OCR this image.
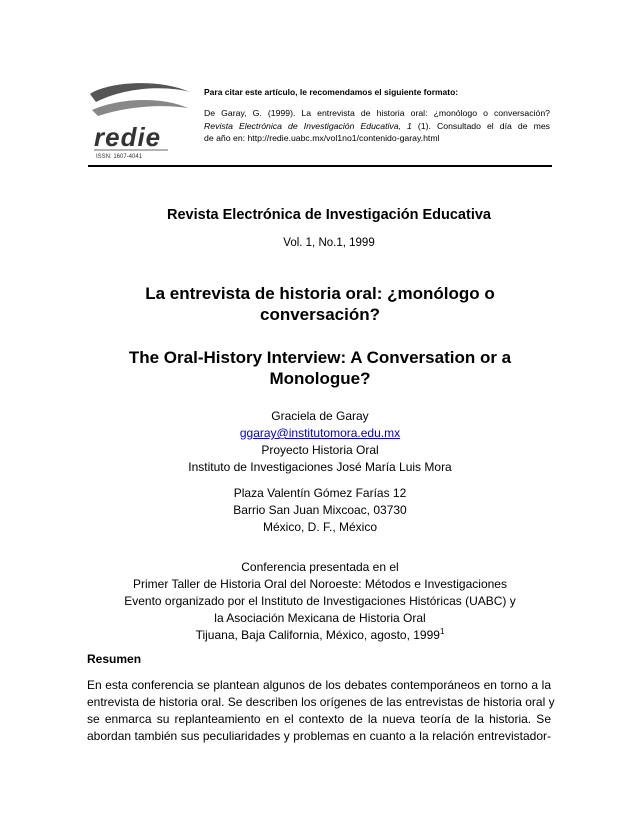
redie
ISSN: 1607-4041
Para citar este artículo, le recomendamos el siguiente formato:
De Garay, G. (1999). La entrevista de historia oral: ¿monólogo o conversación?
Revista Electrónica de Investigación Educativa, 1 (1). Consultado el día de mes
de año en: http://redie.uabc.mx/vol1no1/contenido-garay.html
Revista Electrónica de Investigación Educativa
Vol. 1, No.1, 1999
La entrevista de historia oral: ¿monólogo o
conversación?
The Oral-History Interview: A Conversation or a
Monologue?
Graciela de Garay
ggaray@institutomora.edu.mx
Proyecto Historia Oral
Instituto de Investigaciones José María Luis Mora
Plaza Valentín Gómez Farías 12
Barrio San Juan Mixcoac, 03730
México, D. F., México
Conferencia presentada en el
Primer Taller de Historia Oral del Noroeste: Métodos e Investigaciones
Evento organizado por el Instituto de Investigaciones Históricas (UABC) y
la Asociación Mexicana de Historia Oral
Tijuana, Baja California, México, agosto, 1999$^1$
Resumen
En esta conferencia se plantean algunos de los debates contemporáneos en torno a la
entrevista de historia oral. Se describen los orígenes de las entrevistas de historia oral y
se enmarca su replanteamiento en el contexto de la nueva teoría de la historia. Se
abordan también sus peculiaridades y problemas en cuanto a la relación entrevistador-
